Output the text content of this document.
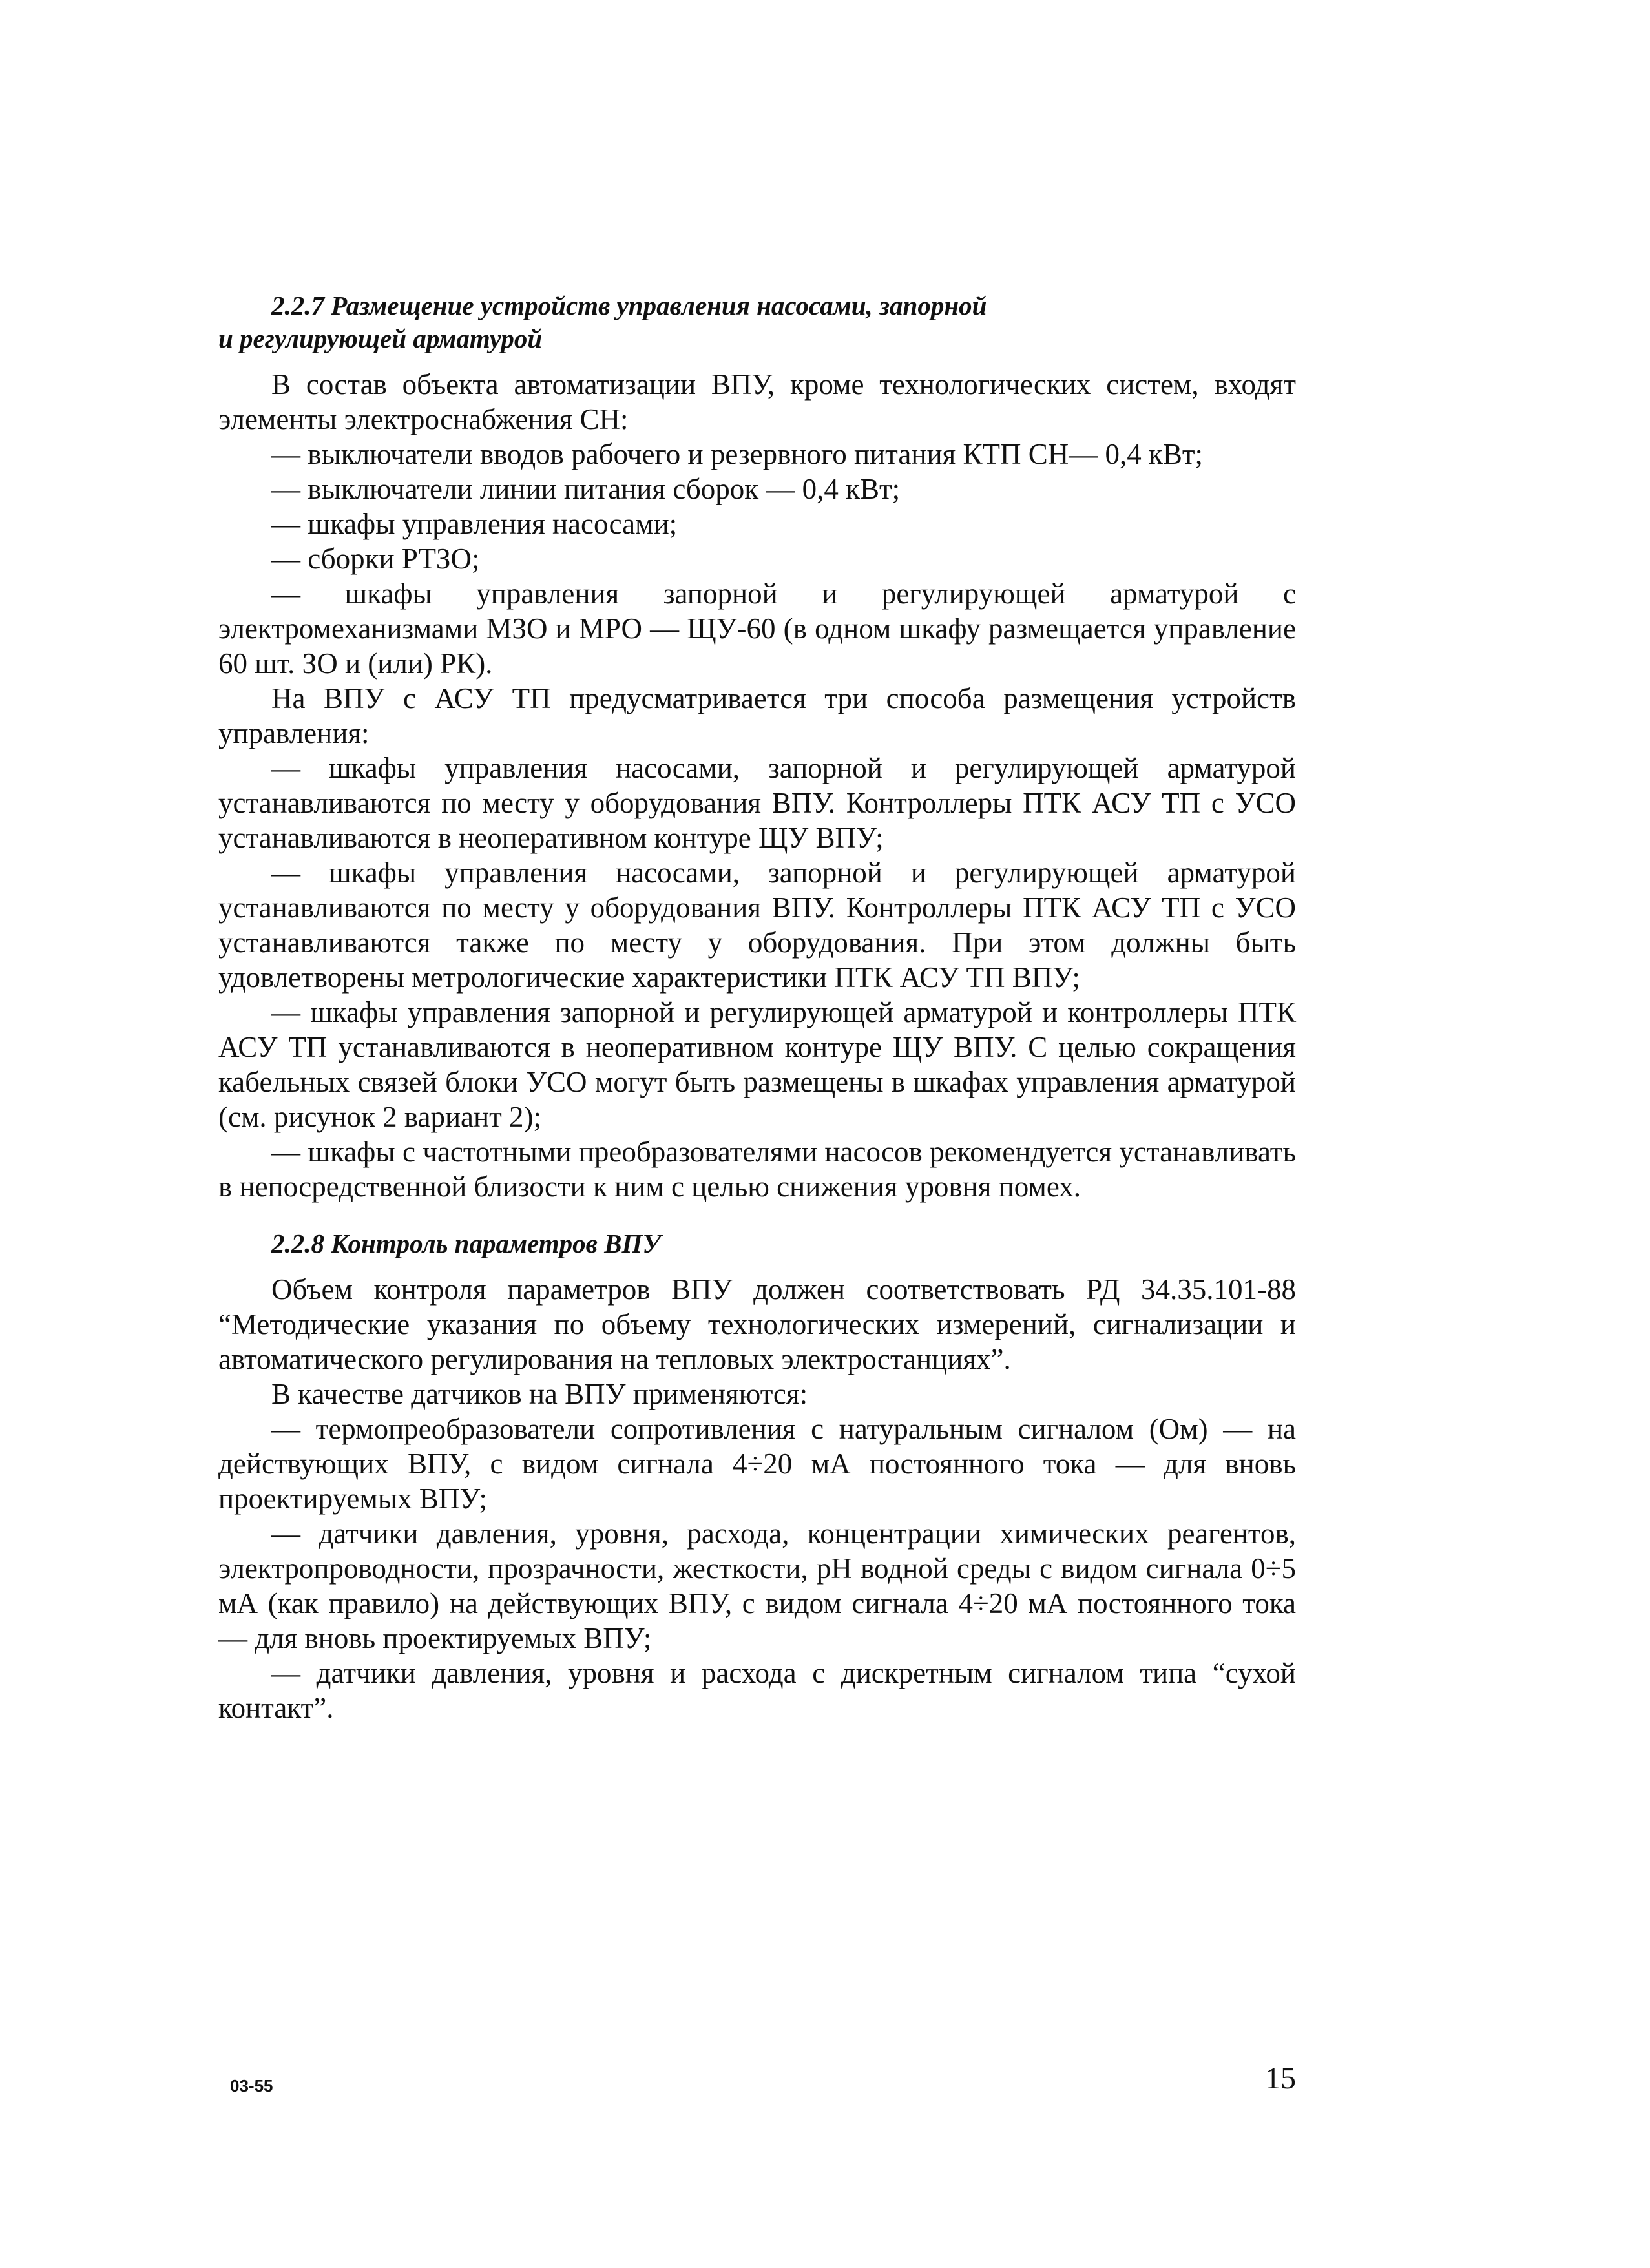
2.2.7 Размещение устройств управления насосами, запорной
и регулирующей арматурой

В состав объекта автоматизации ВПУ, кроме технологических систем, входят элементы электроснабжения СН:

— выключатели вводов рабочего и резервного питания КТП СН— 0,4 кВт;

— выключатели линии питания сборок — 0,4 кВт;

— шкафы управления насосами;

— сборки РТЗО;

— шкафы управления запорной и регулирующей арматурой с электромеханизмами МЗО и МРО — ЩУ-60 (в одном шкафу размещается управление 60 шт. ЗО и (или) РК).

На ВПУ с АСУ ТП предусматривается три способа размещения устройств управления:

— шкафы управления насосами, запорной и регулирующей арматурой устанавливаются по месту у оборудования ВПУ. Контроллеры ПТК АСУ ТП с УСО устанавливаются в неоперативном контуре ЩУ ВПУ;

— шкафы управления насосами, запорной и регулирующей арматурой устанавливаются по месту у оборудования ВПУ. Контроллеры ПТК АСУ ТП с УСО устанавливаются также по месту у оборудования. При этом должны быть удовлетворены метрологические характеристики ПТК АСУ ТП ВПУ;

— шкафы управления запорной и регулирующей арматурой и контроллеры ПТК АСУ ТП устанавливаются в неоперативном контуре ЩУ ВПУ. С целью сокращения кабельных связей блоки УСО могут быть размещены в шкафах управления арматурой (см. рисунок 2 вариант 2);

— шкафы с частотными преобразователями насосов рекомендуется устанавливать в непосредственной близости к ним с целью снижения уровня помех.

2.2.8 Контроль параметров ВПУ

Объем контроля параметров ВПУ должен соответствовать РД 34.35.101-88 “Методические указания по объему технологических измерений, сигнализации и автоматического регулирования на тепловых электростанциях”.

В качестве датчиков на ВПУ применяются:

— термопреобразователи сопротивления с натуральным сигналом (Ом) — на действующих ВПУ, с видом сигнала 4÷20 мА постоянного тока — для вновь проектируемых ВПУ;

— датчики давления, уровня, расхода, концентрации химических реагентов, электропроводности, прозрачности, жесткости, pH водной среды с видом сигнала 0÷5 мА (как правило) на действующих ВПУ, с видом сигнала 4÷20 мА постоянного тока — для вновь проектируемых ВПУ;

— датчики давления, уровня и расхода с дискретным сигналом типа “сухой контакт”.

03-55	15
